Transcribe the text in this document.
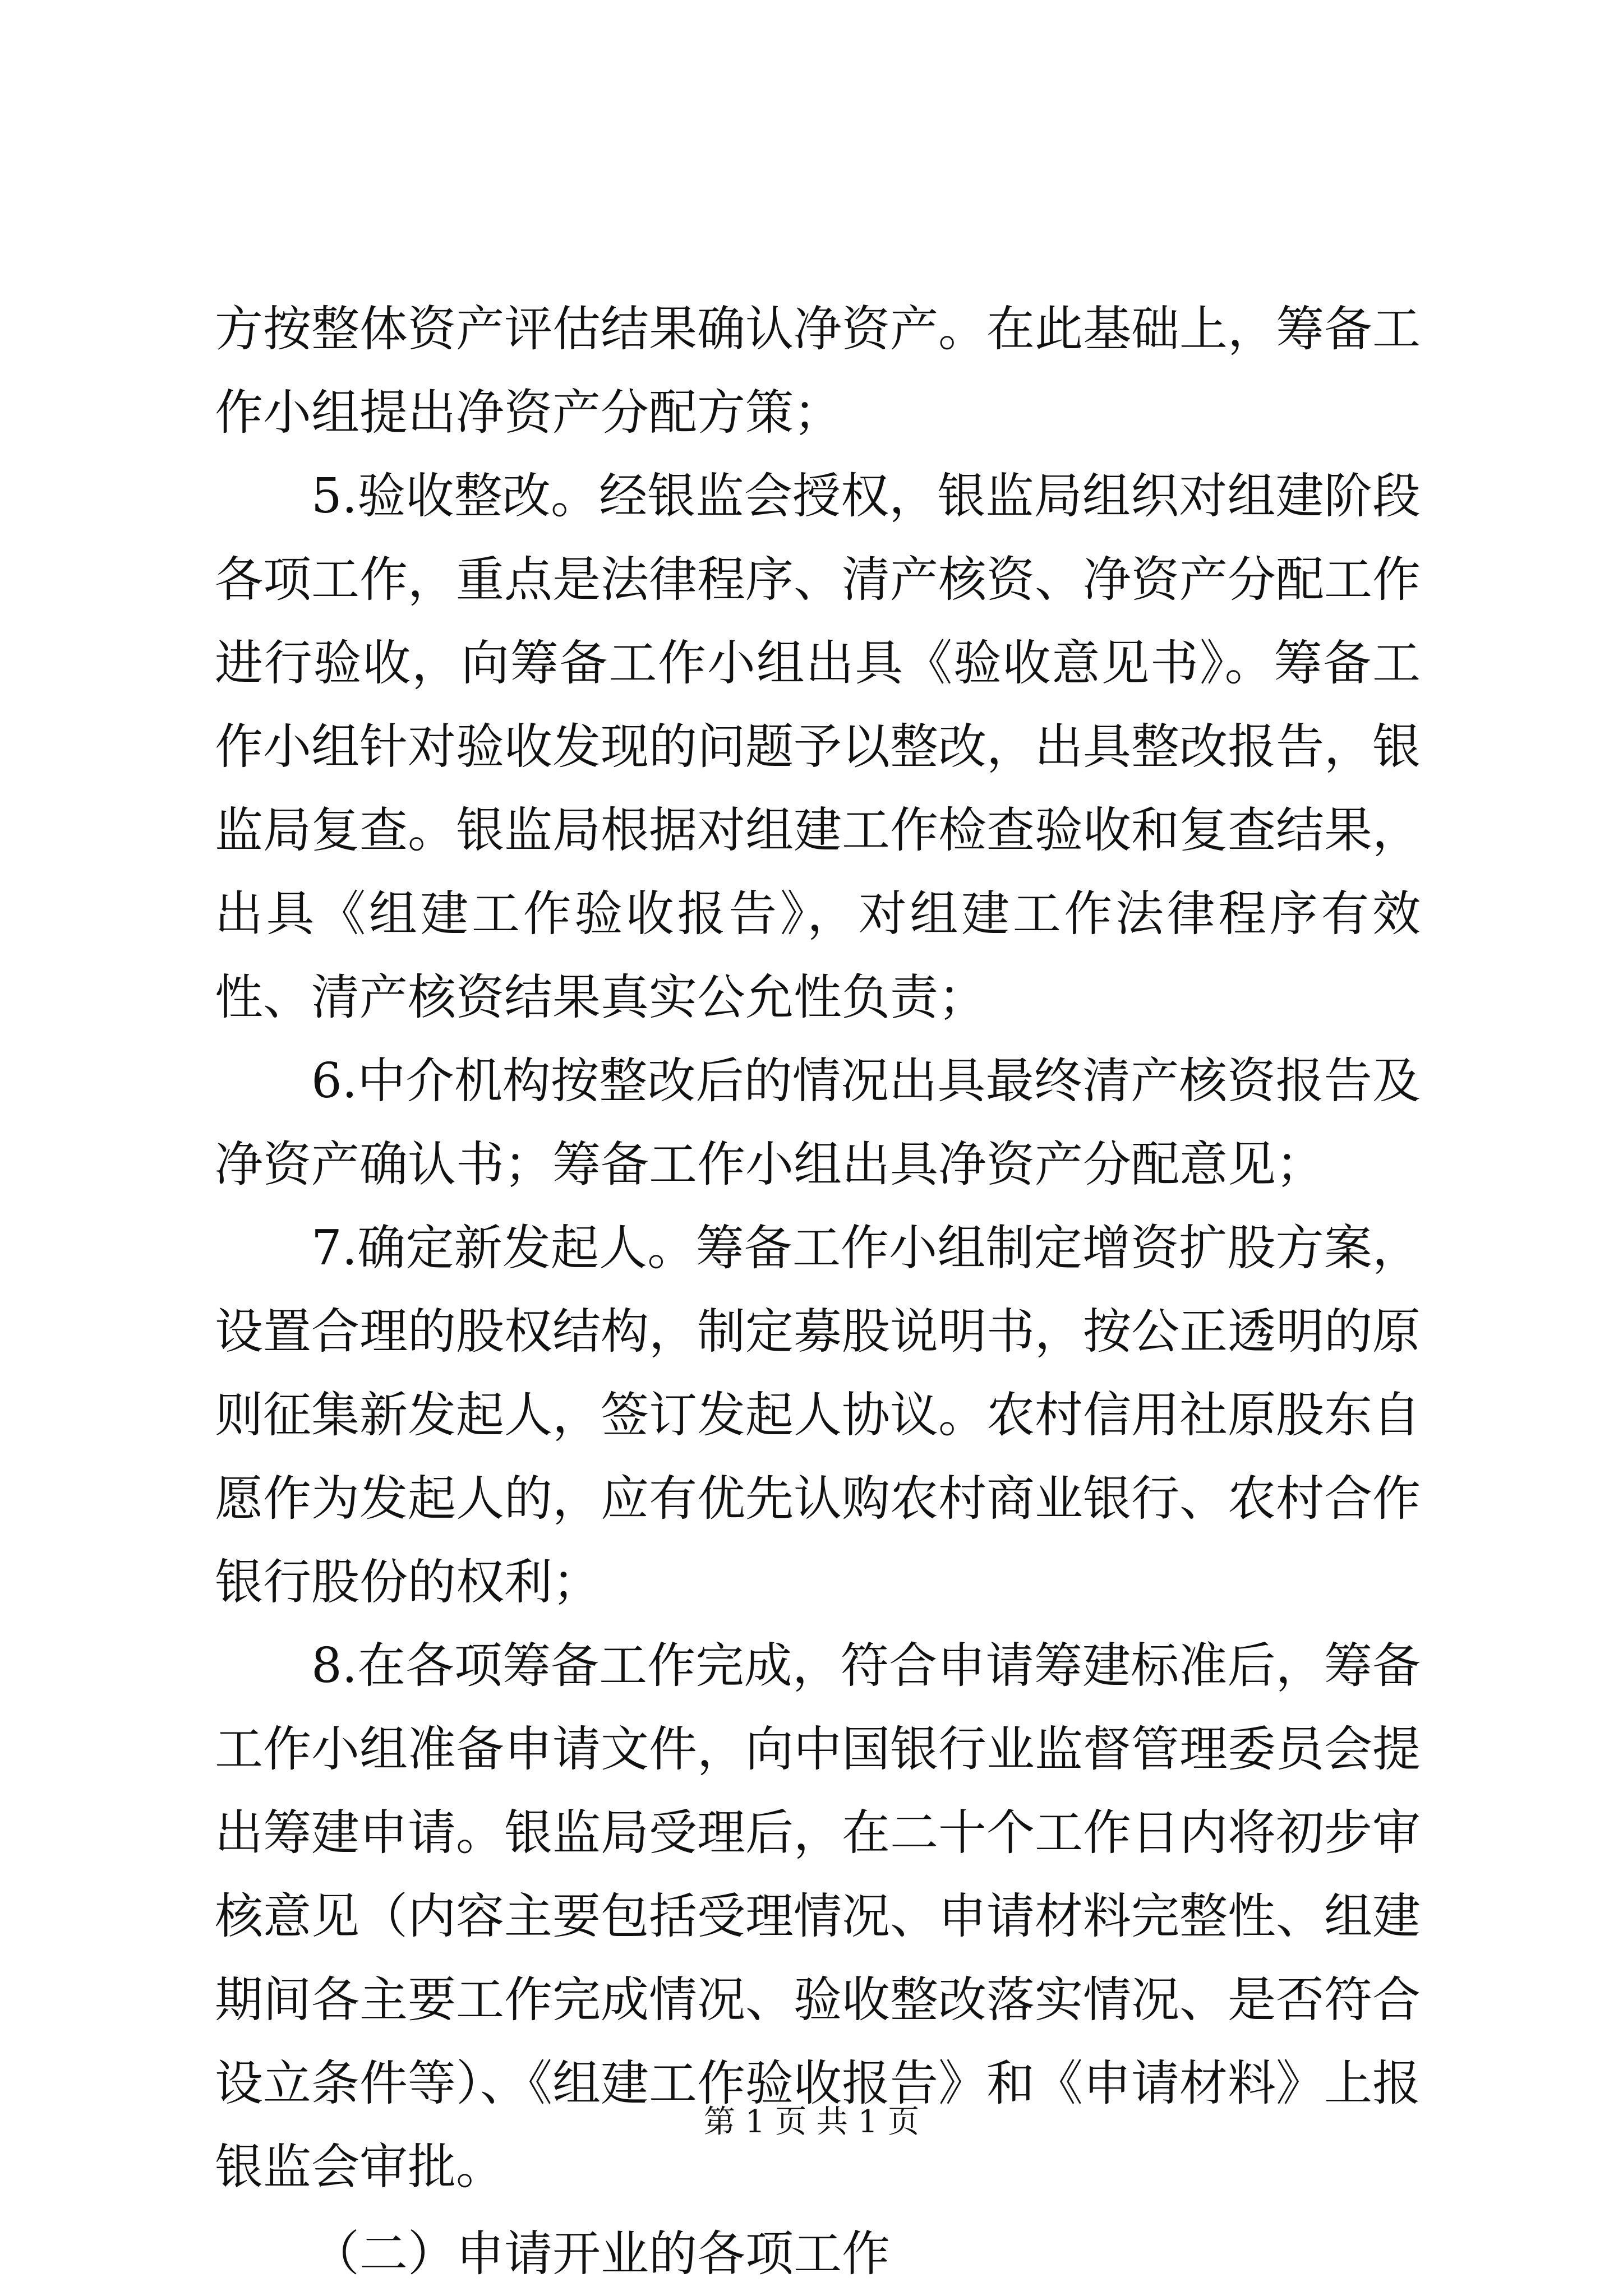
方按整体资产评估结果确认净资产。在此基础上，筹备工作小组提出净资产分配方策；

5.验收整改。经银监会授权，银监局组织对组建阶段各项工作，重点是法律程序、清产核资、净资产分配工作进行验收，向筹备工作小组出具《验收意见书》。筹备工作小组针对验收发现的问题予以整改，出具整改报告，银监局复查。银监局根据对组建工作检查验收和复查结果，出具《组建工作验收报告》，对组建工作法律程序有效性、清产核资结果真实公允性负责；

6.中介机构按整改后的情况出具最终清产核资报告及净资产确认书；筹备工作小组出具净资产分配意见；

7.确定新发起人。筹备工作小组制定增资扩股方案，设置合理的股权结构，制定募股说明书，按公正透明的原则征集新发起人，签订发起人协议。农村信用社原股东自愿作为发起人的，应有优先认购农村商业银行、农村合作银行股份的权利；

8.在各项筹备工作完成，符合申请筹建标准后，筹备工作小组准备申请文件，向中国银行业监督管理委员会提出筹建申请。银监局受理后，在二十个工作日内将初步审核意见（内容主要包括受理情况、申请材料完整性、组建期间各主要工作完成情况、验收整改落实情况、是否符合设立条件等）、《组建工作验收报告》和《申请材料》上报银监会审批。

（二）申请开业的各项工作

第 1 页 共 1 页
